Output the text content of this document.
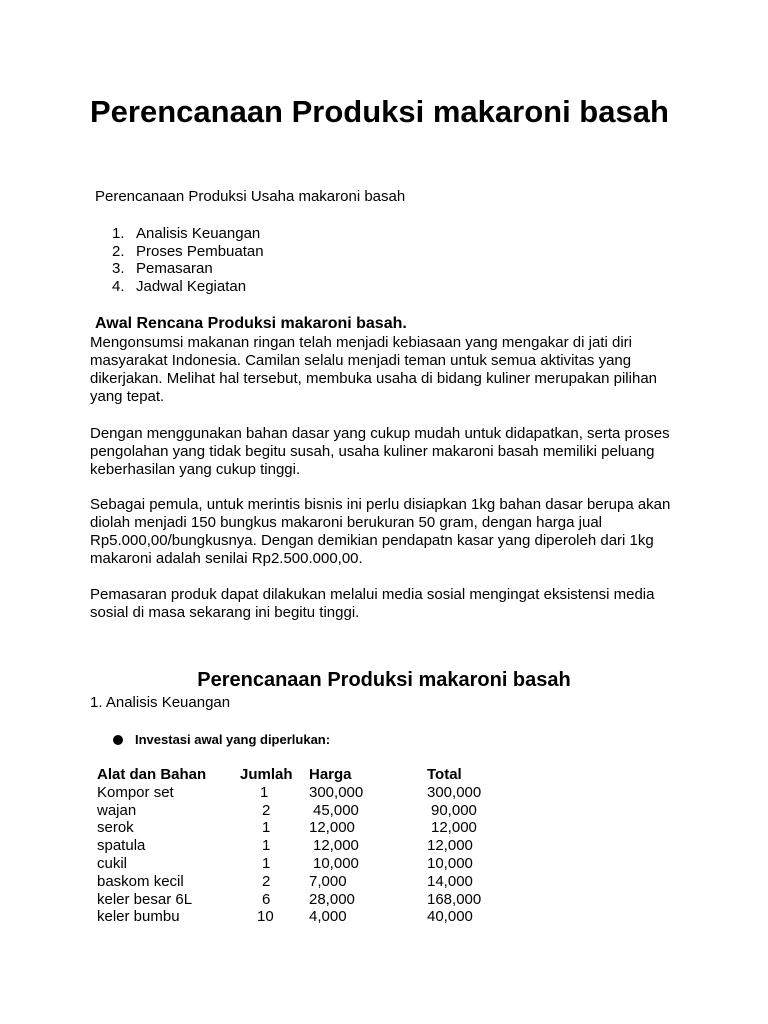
Perencanaan Produksi makaroni basah

Perencanaan Produksi Usaha makaroni basah

1. Analisis Keuangan
2. Proses Pembuatan
3. Pemasaran
4. Jadwal Kegiatan
Awal Rencana Produksi makaroni basah.

Mengonsumsi makanan ringan telah menjadi kebiasaan yang mengakar di jati diri masyarakat Indonesia. Camilan selalu menjadi teman untuk semua aktivitas yang dikerjakan. Melihat hal tersebut, membuka usaha di bidang kuliner merupakan pilihan yang tepat.

Dengan menggunakan bahan dasar yang cukup mudah untuk didapatkan, serta proses pengolahan yang tidak begitu susah, usaha kuliner makaroni basah memiliki peluang keberhasilan yang cukup tinggi.

Sebagai pemula, untuk merintis bisnis ini perlu disiapkan 1kg bahan dasar berupa akan diolah menjadi 150 bungkus makaroni berukuran 50 gram, dengan harga jual Rp5.000,00/bungkusnya. Dengan demikian pendapatn kasar yang diperoleh dari 1kg makaroni adalah senilai Rp2.500.000,00.

Pemasaran produk dapat dilakukan melalui media sosial mengingat eksistensi media sosial di masa sekarang ini begitu tinggi.

Perencanaan Produksi makaroni basah

1. Analisis Keuangan

Investasi awal yang diperlukan:
Alat dan Bahan	Jumlah	Harga	Total
Kompor set	1	300,000	300,000
wajan	2	45,000	90,000
serok	1	12,000	12,000
spatula	1	12,000	12,000
cukil	1	10,000	10,000
baskom kecil	2	7,000	14,000
keler besar 6L	6	28,000	168,000
keler bumbu	10	4,000	40,000
